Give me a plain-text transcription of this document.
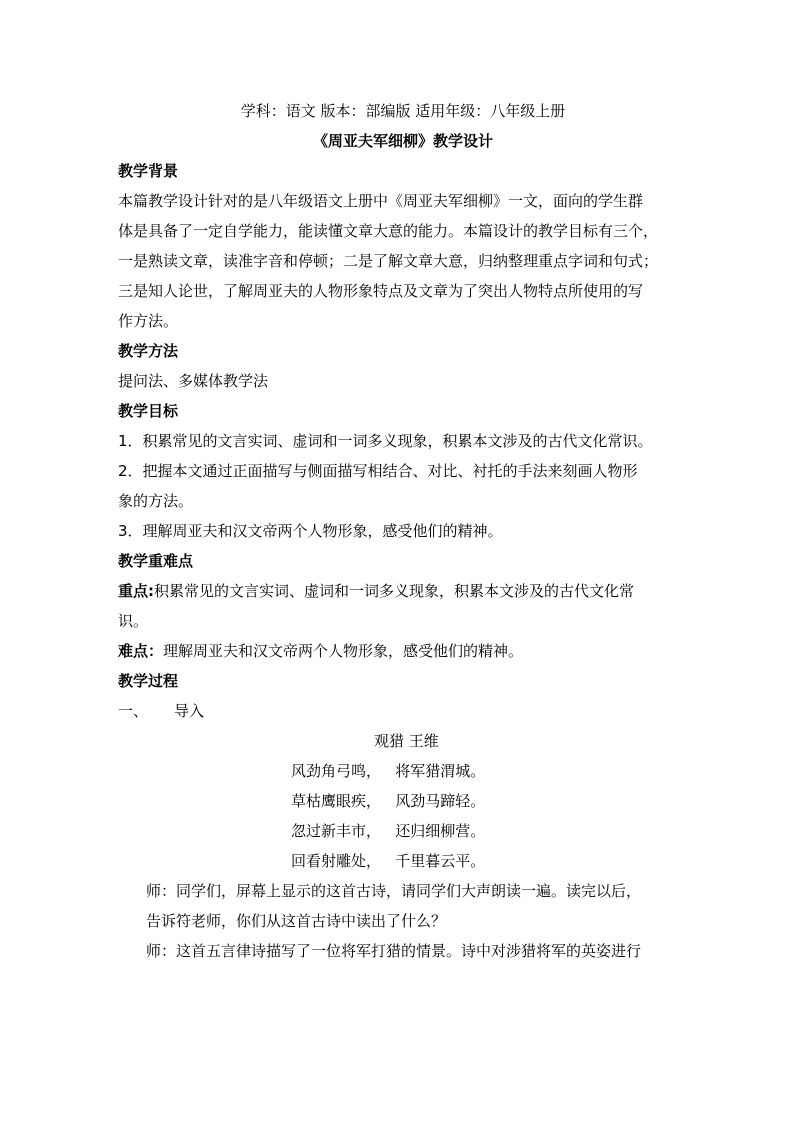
学科：语文 版本：部编版 适用年级：八年级上册

《周亚夫军细柳》教学设计

教学背景

本篇教学设计针对的是八年级语文上册中《周亚夫军细柳》一文，面向的学生群

体是具备了一定自学能力，能读懂文章大意的能力。本篇设计的教学目标有三个，

一是熟读文章，读准字音和停顿；二是了解文章大意，归纳整理重点字词和句式；

三是知人论世，了解周亚夫的人物形象特点及文章为了突出人物特点所使用的写

作方法。

教学方法

提问法、多媒体教学法

教学目标

1．积累常见的文言实词、虚词和一词多义现象，积累本文涉及的古代文化常识。

2．把握本文通过正面描写与侧面描写相结合、对比、衬托的手法来刻画人物形

象的方法。

3．理解周亚夫和汉文帝两个人物形象，感受他们的精神。

教学重难点

重点:积累常见的文言实词、虚词和一词多义现象，积累本文涉及的古代文化常

识。

难点：理解周亚夫和汉文帝两个人物形象，感受他们的精神。

教学过程

一、 导入

观猎 王维

风劲角弓鸣，   将军猎渭城。

草枯鹰眼疾，   风劲马蹄轻。

忽过新丰市，   还归细柳营。

回看射雕处，   千里暮云平。

师：同学们，屏幕上显示的这首古诗，请同学们大声朗读一遍。读完以后，

告诉符老师，你们从这首古诗中读出了什么？

师：这首五言律诗描写了一位将军打猎的情景。诗中对涉猎将军的英姿进行
